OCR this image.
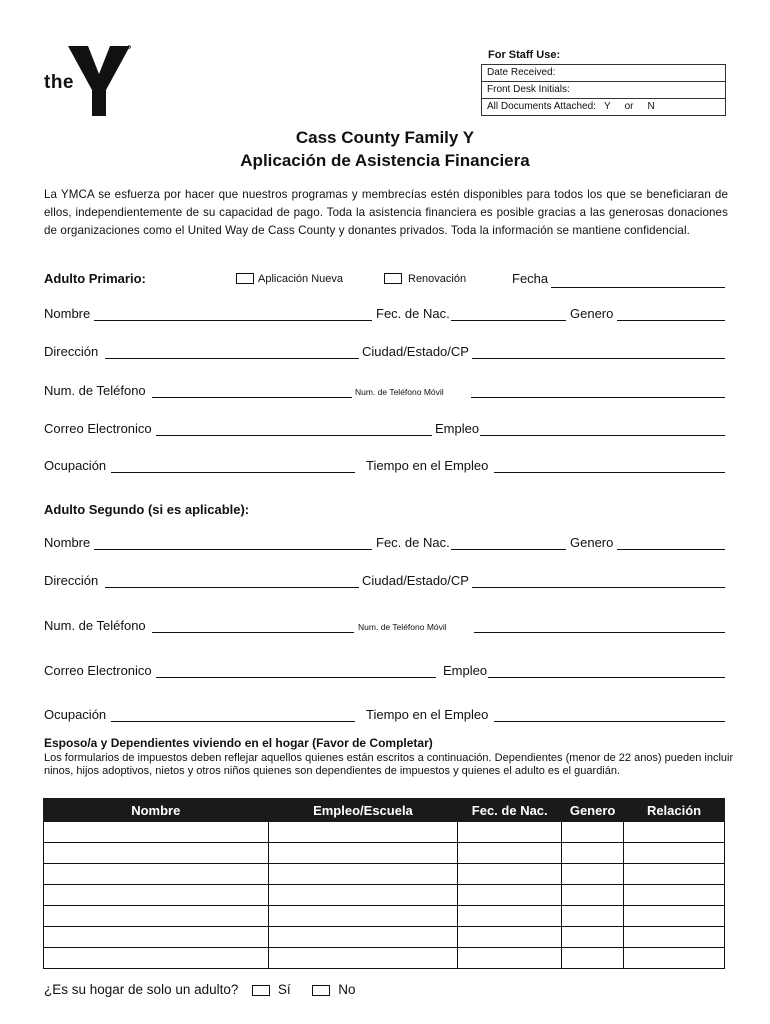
the
YMCA
For Staff Use:
Date Received:
Front Desk Initials:
All Documents Attached: Y or N
Cass County Family Y
Aplicación de Asistencia Financiera
La YMCA se esfuerza por hacer que nuestros programas y membrecías estén disponibles para todos los que se beneficiaran de ellos, independientemente de su capacidad de pago. Toda la asistencia financiera es posible gracias a las generosas donaciones de organizaciones como el United Way de Cass County y donantes privados. Toda la información se mantiene confidencial.
Adulto Primario:	Aplicación Nueva	Renovación	Fecha
Nombre	Fec. de Nac.	Genero
Dirección	Ciudad/Estado/CP
Num. de Teléfono	Num. de Teléfono Móvil
Correo Electronico	Empleo
Ocupación	Tiempo en el Empleo
Adulto Segundo (si es aplicable):
Nombre	Fec. de Nac.	Genero
Dirección	Ciudad/Estado/CP
Num. de Teléfono	Num. de Teléfono Móvil
Correo Electronico	Empleo
Ocupación	Tiempo en el Empleo
Esposo/a y Dependientes viviendo en el hogar (Favor de Completar)
Los formularios de impuestos deben reflejar aquellos quienes están escritos a continuación. Dependientes (menor de 22 anos) pueden incluir ninos, hijos adoptivos, nietos y otros niños quienes son dependientes de impuestos y quienes el adulto es el guardián.
Nombre	Empleo/Escuela	Fec. de Nac.	Genero	Relación

¿Es su hogar de solo un adulto?	Sí	No
